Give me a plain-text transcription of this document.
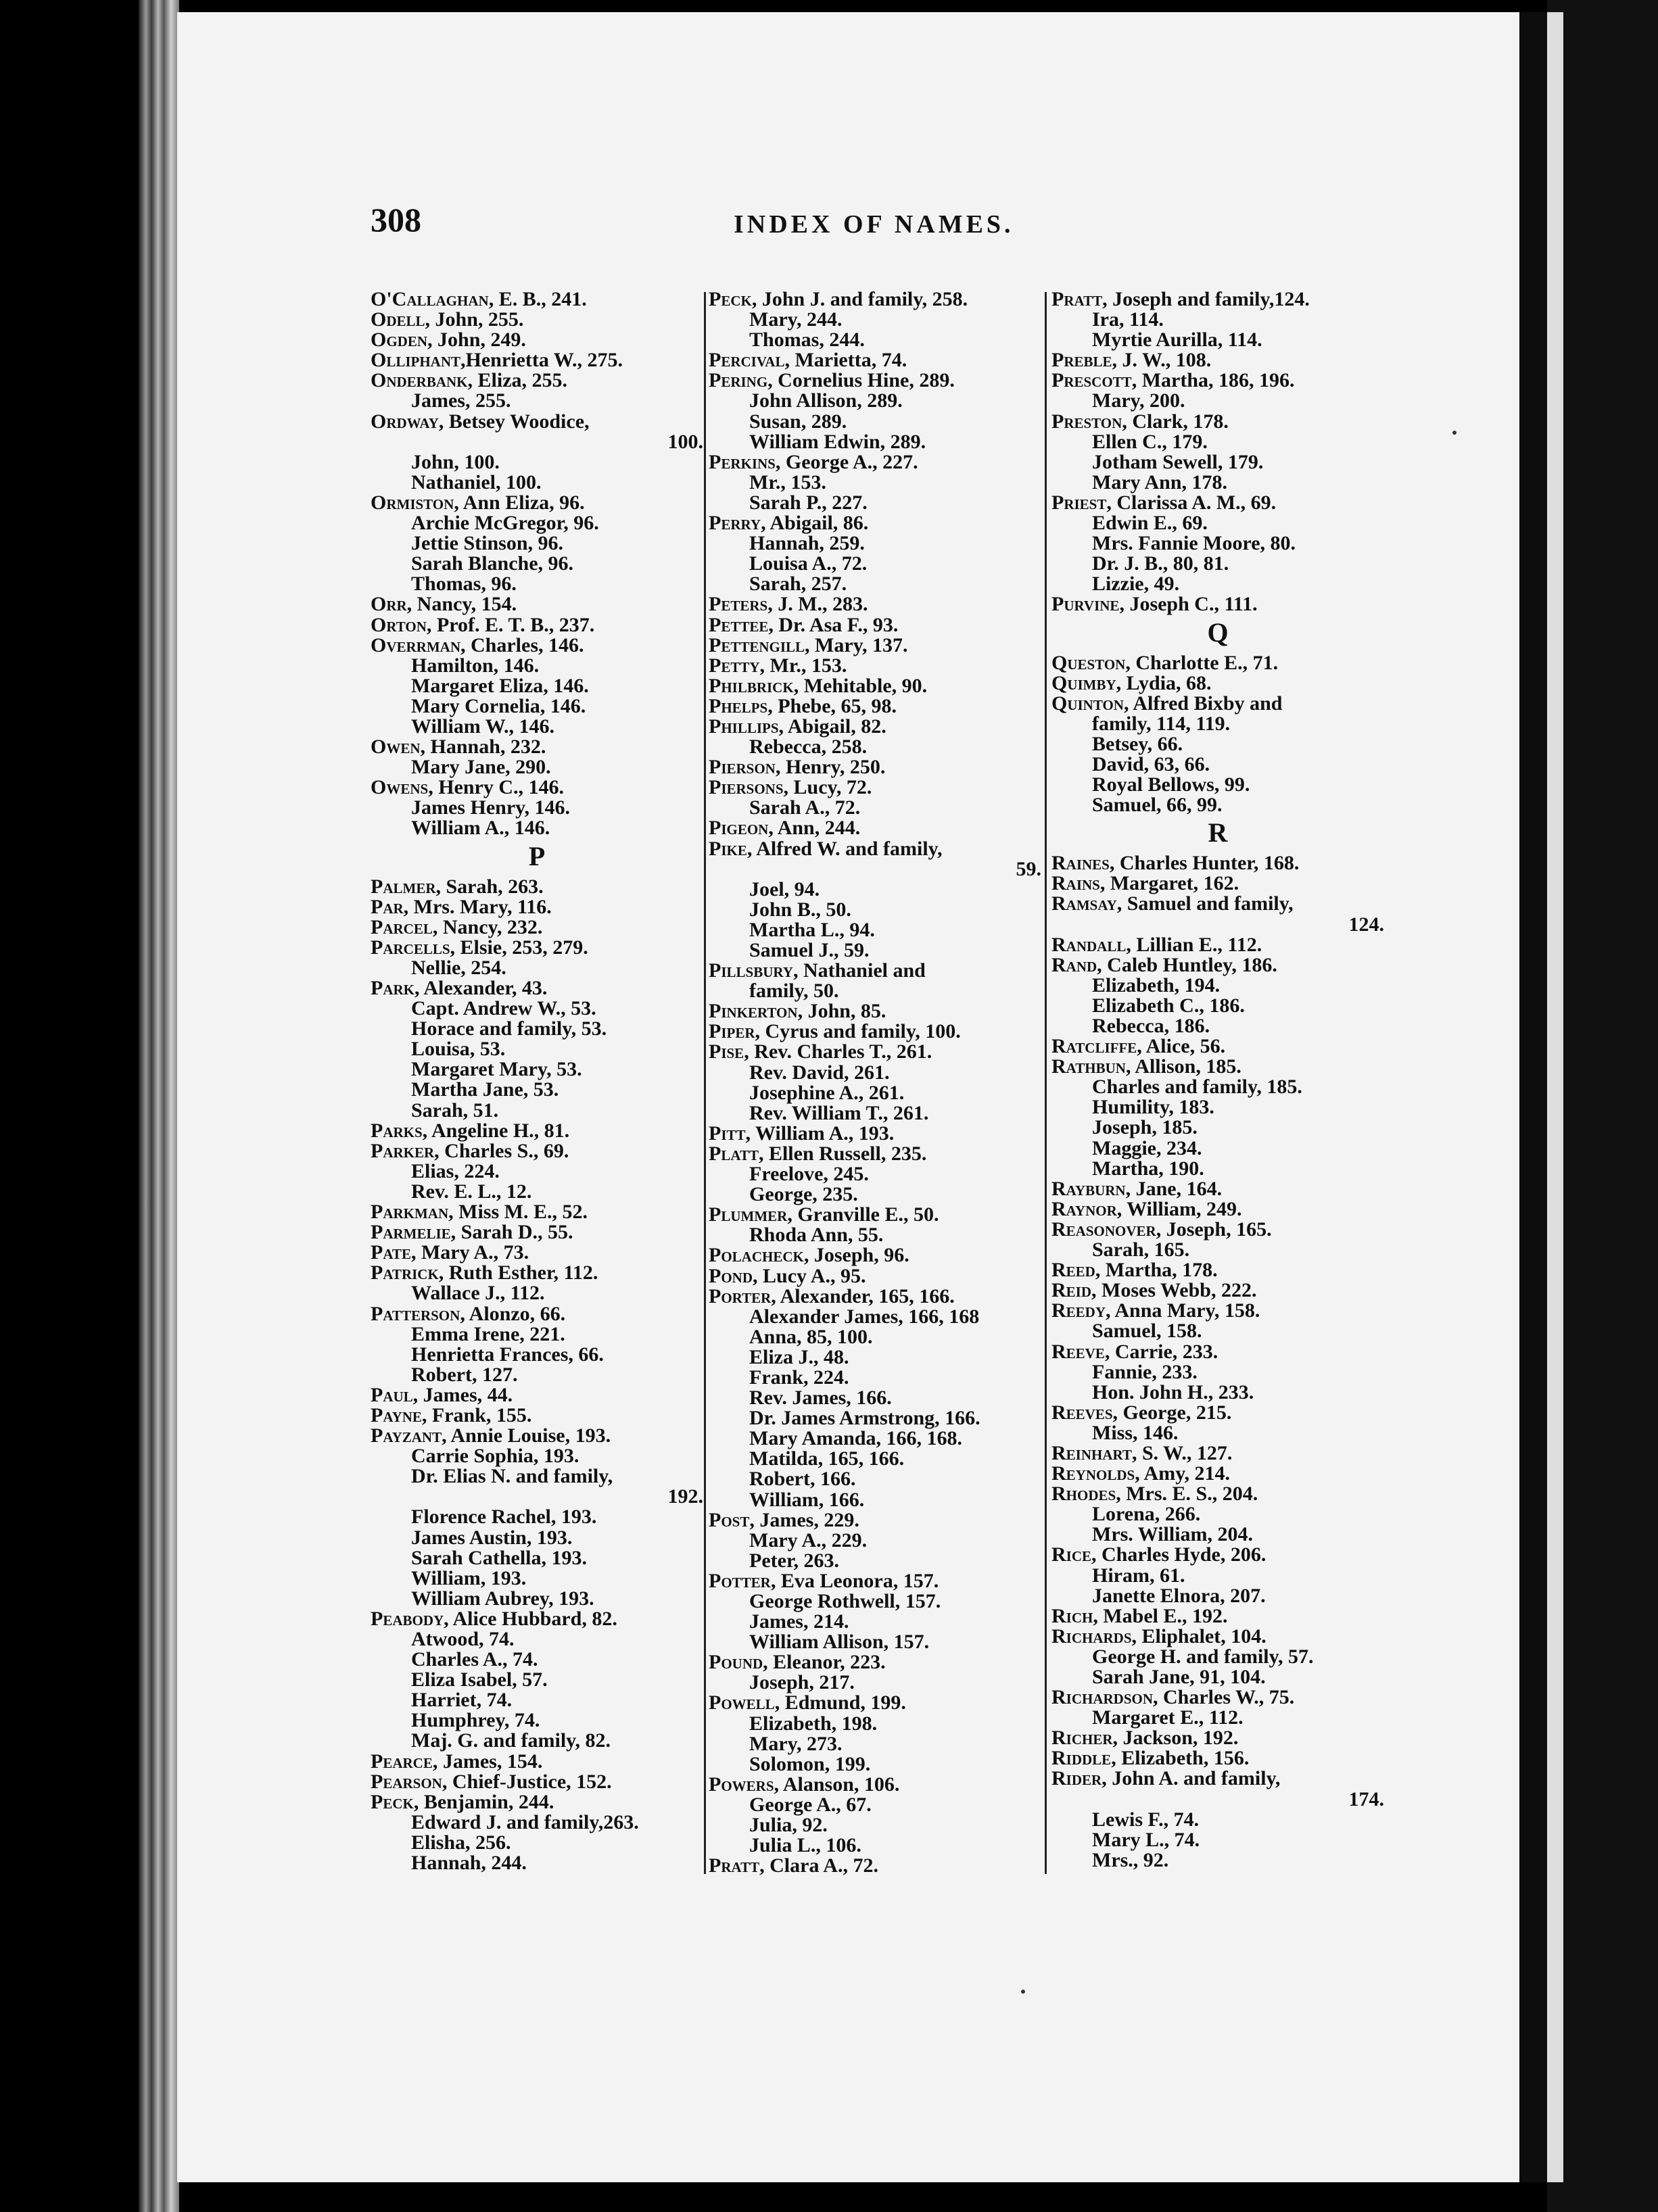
308	INDEX OF NAMES.
O'Callaghan, E. B., 241.
Odell, John, 255.
Ogden, John, 249.
Olliphant,Henrietta W., 275.
Onderbank, Eliza, 255.
James, 255.
Ordway, Betsey Woodice,
100.
John, 100.
Nathaniel, 100.
Ormiston, Ann Eliza, 96.
Archie McGregor, 96.
Jettie Stinson, 96.
Sarah Blanche, 96.
Thomas, 96.
Orr, Nancy, 154.
Orton, Prof. E. T. B., 237.
Overrman, Charles, 146.
Hamilton, 146.
Margaret Eliza, 146.
Mary Cornelia, 146.
William W., 146.
Owen, Hannah, 232.
Mary Jane, 290.
Owens, Henry C., 146.
James Henry, 146.
William A., 146.
P
Palmer, Sarah, 263.
Par, Mrs. Mary, 116.
Parcel, Nancy, 232.
Parcells, Elsie, 253, 279.
Nellie, 254.
Park, Alexander, 43.
Capt. Andrew W., 53.
Horace and family, 53.
Louisa, 53.
Margaret Mary, 53.
Martha Jane, 53.
Sarah, 51.
Parks, Angeline H., 81.
Parker, Charles S., 69.
Elias, 224.
Rev. E. L., 12.
Parkman, Miss M. E., 52.
Parmelie, Sarah D., 55.
Pate, Mary A., 73.
Patrick, Ruth Esther, 112.
Wallace J., 112.
Patterson, Alonzo, 66.
Emma Irene, 221.
Henrietta Frances, 66.
Robert, 127.
Paul, James, 44.
Payne, Frank, 155.
Payzant, Annie Louise, 193.
Carrie Sophia, 193.
Dr. Elias N. and family,
192.
Florence Rachel, 193.
James Austin, 193.
Sarah Cathella, 193.
William, 193.
William Aubrey, 193.
Peabody, Alice Hubbard, 82.
Atwood, 74.
Charles A., 74.
Eliza Isabel, 57.
Harriet, 74.
Humphrey, 74.
Maj. G. and family, 82.
Pearce, James, 154.
Pearson, Chief-Justice, 152.
Peck, Benjamin, 244.
Edward J. and family,263.
Elisha, 256.
Hannah, 244.
Peck, John J. and family, 258.
Mary, 244.
Thomas, 244.
Percival, Marietta, 74.
Pering, Cornelius Hine, 289.
John Allison, 289.
Susan, 289.
William Edwin, 289.
Perkins, George A., 227.
Mr., 153.
Sarah P., 227.
Perry, Abigail, 86.
Hannah, 259.
Louisa A., 72.
Sarah, 257.
Peters, J. M., 283.
Pettee, Dr. Asa F., 93.
Pettengill, Mary, 137.
Petty, Mr., 153.
Philbrick, Mehitable, 90.
Phelps, Phebe, 65, 98.
Phillips, Abigail, 82.
Rebecca, 258.
Pierson, Henry, 250.
Piersons, Lucy, 72.
Sarah A., 72.
Pigeon, Ann, 244.
Pike, Alfred W. and family,
59.
Joel, 94.
John B., 50.
Martha L., 94.
Samuel J., 59.
Pillsbury, Nathaniel and
family, 50.
Pinkerton, John, 85.
Piper, Cyrus and family, 100.
Pise, Rev. Charles T., 261.
Rev. David, 261.
Josephine A., 261.
Rev. William T., 261.
Pitt, William A., 193.
Platt, Ellen Russell, 235.
Freelove, 245.
George, 235.
Plummer, Granville E., 50.
Rhoda Ann, 55.
Polacheck, Joseph, 96.
Pond, Lucy A., 95.
Porter, Alexander, 165, 166.
Alexander James, 166, 168
Anna, 85, 100.
Eliza J., 48.
Frank, 224.
Rev. James, 166.
Dr. James Armstrong, 166.
Mary Amanda, 166, 168.
Matilda, 165, 166.
Robert, 166.
William, 166.
Post, James, 229.
Mary A., 229.
Peter, 263.
Potter, Eva Leonora, 157.
George Rothwell, 157.
James, 214.
William Allison, 157.
Pound, Eleanor, 223.
Joseph, 217.
Powell, Edmund, 199.
Elizabeth, 198.
Mary, 273.
Solomon, 199.
Powers, Alanson, 106.
George A., 67.
Julia, 92.
Julia L., 106.
Pratt, Clara A., 72.
Pratt, Joseph and family,124.
Ira, 114.
Myrtie Aurilla, 114.
Preble, J. W., 108.
Prescott, Martha, 186, 196.
Mary, 200.
Preston, Clark, 178.
Ellen C., 179.
Jotham Sewell, 179.
Mary Ann, 178.
Priest, Clarissa A. M., 69.
Edwin E., 69.
Mrs. Fannie Moore, 80.
Dr. J. B., 80, 81.
Lizzie, 49.
Purvine, Joseph C., 111.
Q
Queston, Charlotte E., 71.
Quimby, Lydia, 68.
Quinton, Alfred Bixby and
family, 114, 119.
Betsey, 66.
David, 63, 66.
Royal Bellows, 99.
Samuel, 66, 99.
R
Raines, Charles Hunter, 168.
Rains, Margaret, 162.
Ramsay, Samuel and family,
124.
Randall, Lillian E., 112.
Rand, Caleb Huntley, 186.
Elizabeth, 194.
Elizabeth C., 186.
Rebecca, 186.
Ratcliffe, Alice, 56.
Rathbun, Allison, 185.
Charles and family, 185.
Humility, 183.
Joseph, 185.
Maggie, 234.
Martha, 190.
Rayburn, Jane, 164.
Raynor, William, 249.
Reasonover, Joseph, 165.
Sarah, 165.
Reed, Martha, 178.
Reid, Moses Webb, 222.
Reedy, Anna Mary, 158.
Samuel, 158.
Reeve, Carrie, 233.
Fannie, 233.
Hon. John H., 233.
Reeves, George, 215.
Miss, 146.
Reinhart, S. W., 127.
Reynolds, Amy, 214.
Rhodes, Mrs. E. S., 204.
Lorena, 266.
Mrs. William, 204.
Rice, Charles Hyde, 206.
Hiram, 61.
Janette Elnora, 207.
Rich, Mabel E., 192.
Richards, Eliphalet, 104.
George H. and family, 57.
Sarah Jane, 91, 104.
Richardson, Charles W., 75.
Margaret E., 112.
Richer, Jackson, 192.
Riddle, Elizabeth, 156.
Rider, John A. and family,
174.
Lewis F., 74.
Mary L., 74.
Mrs., 92.
